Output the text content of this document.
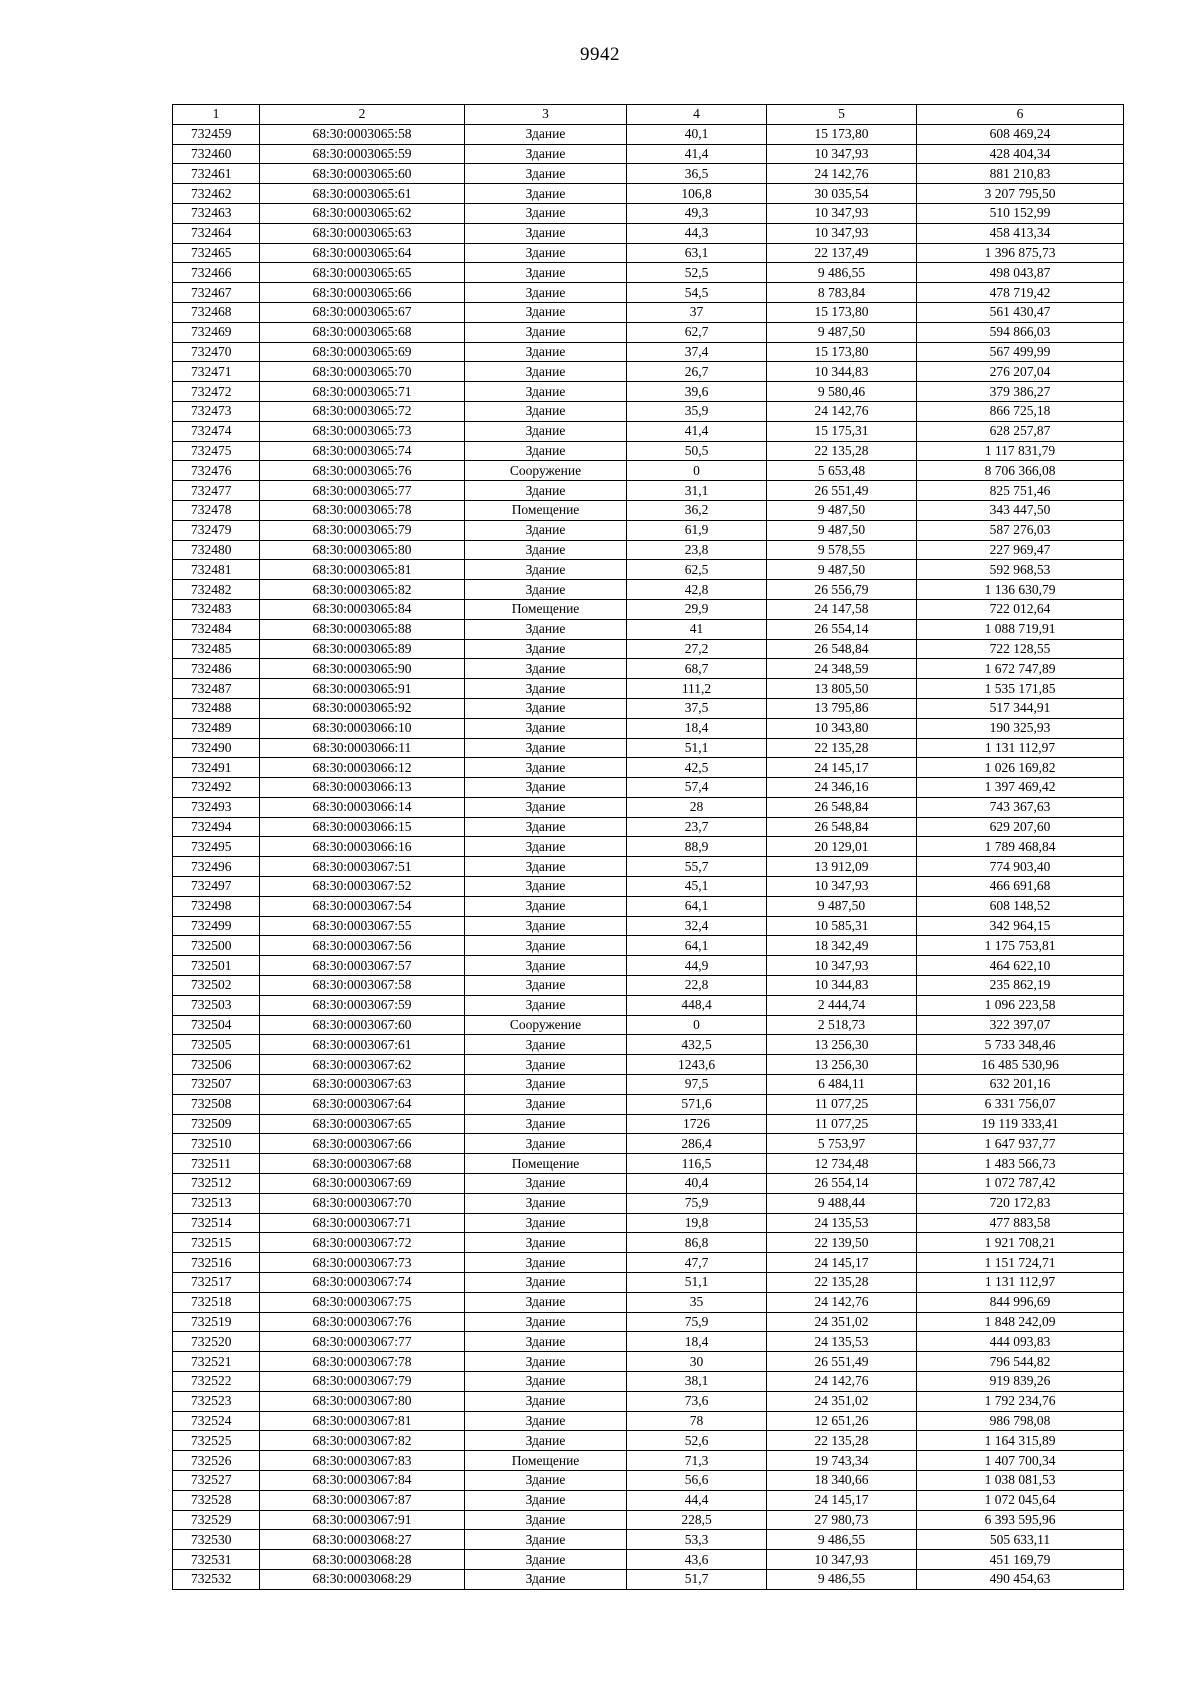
9942
1	2	3	4	5	6
732459	68:30:0003065:58	Здание	40,1	15 173,80	608 469,24
732460	68:30:0003065:59	Здание	41,4	10 347,93	428 404,34
732461	68:30:0003065:60	Здание	36,5	24 142,76	881 210,83
732462	68:30:0003065:61	Здание	106,8	30 035,54	3 207 795,50
732463	68:30:0003065:62	Здание	49,3	10 347,93	510 152,99
732464	68:30:0003065:63	Здание	44,3	10 347,93	458 413,34
732465	68:30:0003065:64	Здание	63,1	22 137,49	1 396 875,73
732466	68:30:0003065:65	Здание	52,5	9 486,55	498 043,87
732467	68:30:0003065:66	Здание	54,5	8 783,84	478 719,42
732468	68:30:0003065:67	Здание	37	15 173,80	561 430,47
732469	68:30:0003065:68	Здание	62,7	9 487,50	594 866,03
732470	68:30:0003065:69	Здание	37,4	15 173,80	567 499,99
732471	68:30:0003065:70	Здание	26,7	10 344,83	276 207,04
732472	68:30:0003065:71	Здание	39,6	9 580,46	379 386,27
732473	68:30:0003065:72	Здание	35,9	24 142,76	866 725,18
732474	68:30:0003065:73	Здание	41,4	15 175,31	628 257,87
732475	68:30:0003065:74	Здание	50,5	22 135,28	1 117 831,79
732476	68:30:0003065:76	Сооружение	0	5 653,48	8 706 366,08
732477	68:30:0003065:77	Здание	31,1	26 551,49	825 751,46
732478	68:30:0003065:78	Помещение	36,2	9 487,50	343 447,50
732479	68:30:0003065:79	Здание	61,9	9 487,50	587 276,03
732480	68:30:0003065:80	Здание	23,8	9 578,55	227 969,47
732481	68:30:0003065:81	Здание	62,5	9 487,50	592 968,53
732482	68:30:0003065:82	Здание	42,8	26 556,79	1 136 630,79
732483	68:30:0003065:84	Помещение	29,9	24 147,58	722 012,64
732484	68:30:0003065:88	Здание	41	26 554,14	1 088 719,91
732485	68:30:0003065:89	Здание	27,2	26 548,84	722 128,55
732486	68:30:0003065:90	Здание	68,7	24 348,59	1 672 747,89
732487	68:30:0003065:91	Здание	111,2	13 805,50	1 535 171,85
732488	68:30:0003065:92	Здание	37,5	13 795,86	517 344,91
732489	68:30:0003066:10	Здание	18,4	10 343,80	190 325,93
732490	68:30:0003066:11	Здание	51,1	22 135,28	1 131 112,97
732491	68:30:0003066:12	Здание	42,5	24 145,17	1 026 169,82
732492	68:30:0003066:13	Здание	57,4	24 346,16	1 397 469,42
732493	68:30:0003066:14	Здание	28	26 548,84	743 367,63
732494	68:30:0003066:15	Здание	23,7	26 548,84	629 207,60
732495	68:30:0003066:16	Здание	88,9	20 129,01	1 789 468,84
732496	68:30:0003067:51	Здание	55,7	13 912,09	774 903,40
732497	68:30:0003067:52	Здание	45,1	10 347,93	466 691,68
732498	68:30:0003067:54	Здание	64,1	9 487,50	608 148,52
732499	68:30:0003067:55	Здание	32,4	10 585,31	342 964,15
732500	68:30:0003067:56	Здание	64,1	18 342,49	1 175 753,81
732501	68:30:0003067:57	Здание	44,9	10 347,93	464 622,10
732502	68:30:0003067:58	Здание	22,8	10 344,83	235 862,19
732503	68:30:0003067:59	Здание	448,4	2 444,74	1 096 223,58
732504	68:30:0003067:60	Сооружение	0	2 518,73	322 397,07
732505	68:30:0003067:61	Здание	432,5	13 256,30	5 733 348,46
732506	68:30:0003067:62	Здание	1243,6	13 256,30	16 485 530,96
732507	68:30:0003067:63	Здание	97,5	6 484,11	632 201,16
732508	68:30:0003067:64	Здание	571,6	11 077,25	6 331 756,07
732509	68:30:0003067:65	Здание	1726	11 077,25	19 119 333,41
732510	68:30:0003067:66	Здание	286,4	5 753,97	1 647 937,77
732511	68:30:0003067:68	Помещение	116,5	12 734,48	1 483 566,73
732512	68:30:0003067:69	Здание	40,4	26 554,14	1 072 787,42
732513	68:30:0003067:70	Здание	75,9	9 488,44	720 172,83
732514	68:30:0003067:71	Здание	19,8	24 135,53	477 883,58
732515	68:30:0003067:72	Здание	86,8	22 139,50	1 921 708,21
732516	68:30:0003067:73	Здание	47,7	24 145,17	1 151 724,71
732517	68:30:0003067:74	Здание	51,1	22 135,28	1 131 112,97
732518	68:30:0003067:75	Здание	35	24 142,76	844 996,69
732519	68:30:0003067:76	Здание	75,9	24 351,02	1 848 242,09
732520	68:30:0003067:77	Здание	18,4	24 135,53	444 093,83
732521	68:30:0003067:78	Здание	30	26 551,49	796 544,82
732522	68:30:0003067:79	Здание	38,1	24 142,76	919 839,26
732523	68:30:0003067:80	Здание	73,6	24 351,02	1 792 234,76
732524	68:30:0003067:81	Здание	78	12 651,26	986 798,08
732525	68:30:0003067:82	Здание	52,6	22 135,28	1 164 315,89
732526	68:30:0003067:83	Помещение	71,3	19 743,34	1 407 700,34
732527	68:30:0003067:84	Здание	56,6	18 340,66	1 038 081,53
732528	68:30:0003067:87	Здание	44,4	24 145,17	1 072 045,64
732529	68:30:0003067:91	Здание	228,5	27 980,73	6 393 595,96
732530	68:30:0003068:27	Здание	53,3	9 486,55	505 633,11
732531	68:30:0003068:28	Здание	43,6	10 347,93	451 169,79
732532	68:30:0003068:29	Здание	51,7	9 486,55	490 454,63
